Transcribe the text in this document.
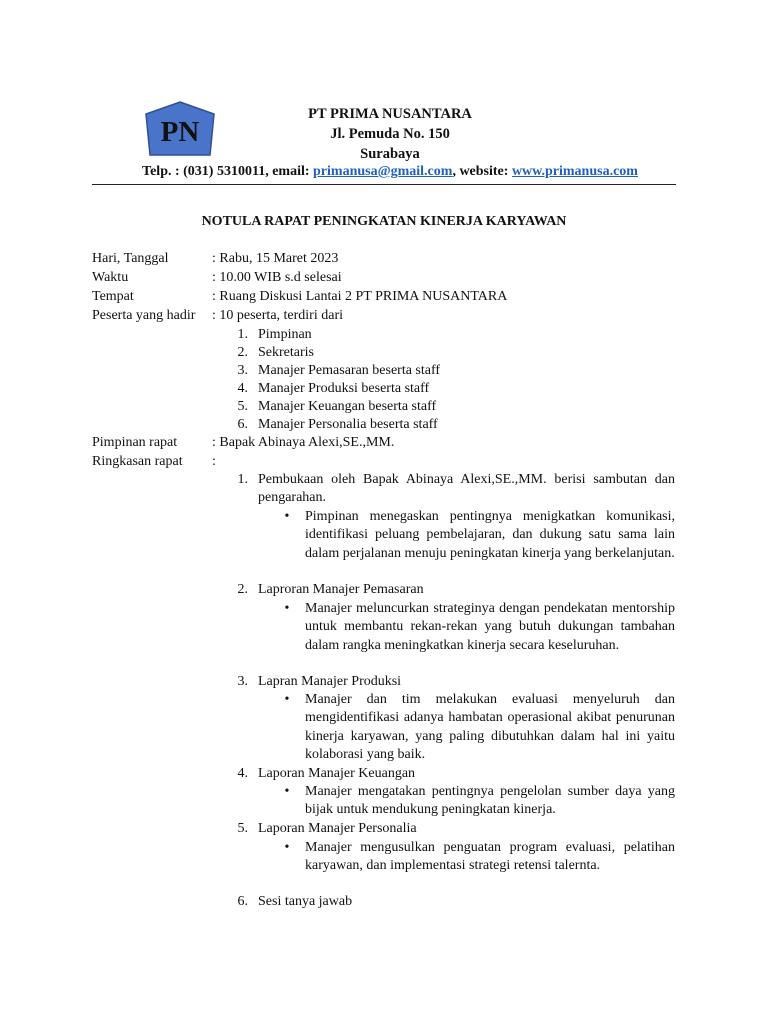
PN
PT PRIMA NUSANTARA
Jl. Pemuda No. 150
Surabaya
Telp. : (031) 5310011, email: primanusa@gmail.com, website: www.primanusa.com
NOTULA RAPAT PENINGKATAN KINERJA KARYAWAN
Hari, Tanggal	: Rabu, 15 Maret 2023
Waktu	: 10.00 WIB s.d selesai
Tempat	: Ruang Diskusi Lantai 2 PT PRIMA NUSANTARA
Peserta yang hadir : 10 peserta, terdiri dari
1. Pimpinan
2. Sekretaris
3. Manajer Pemasaran beserta staff
4. Manajer Produksi beserta staff
5. Manajer Keuangan beserta staff
6. Manajer Personalia beserta staff
Pimpinan rapat : Bapak Abinaya Alexi,SE.,MM.
Ringkasan rapat :
1. Pembukaan oleh Bapak Abinaya Alexi,SE.,MM. berisi sambutan dan pengarahan.
•	Pimpinan menegaskan pentingnya menigkatkan komunikasi, identifikasi peluang pembelajaran, dan dukung satu sama lain dalam perjalanan menuju peningkatan kinerja yang berkelanjutan.
2. Laproran Manajer Pemasaran
•	Manajer meluncurkan strateginya dengan pendekatan mentorship untuk membantu rekan-rekan yang butuh dukungan tambahan dalam rangka meningkatkan kinerja secara keseluruhan.
3. Lapran Manajer Produksi
•	Manajer dan tim melakukan evaluasi menyeluruh dan mengidentifikasi adanya hambatan operasional akibat penurunan kinerja karyawan, yang paling dibutuhkan dalam hal ini yaitu kolaborasi yang baik.
4. Laporan Manajer Keuangan
•	Manajer mengatakan pentingnya pengelolan sumber daya yang bijak untuk mendukung peningkatan kinerja.
5. Laporan Manajer Personalia
•	Manajer mengusulkan penguatan program evaluasi, pelatihan karyawan, dan implementasi strategi retensi talernta.
6. Sesi tanya jawab
